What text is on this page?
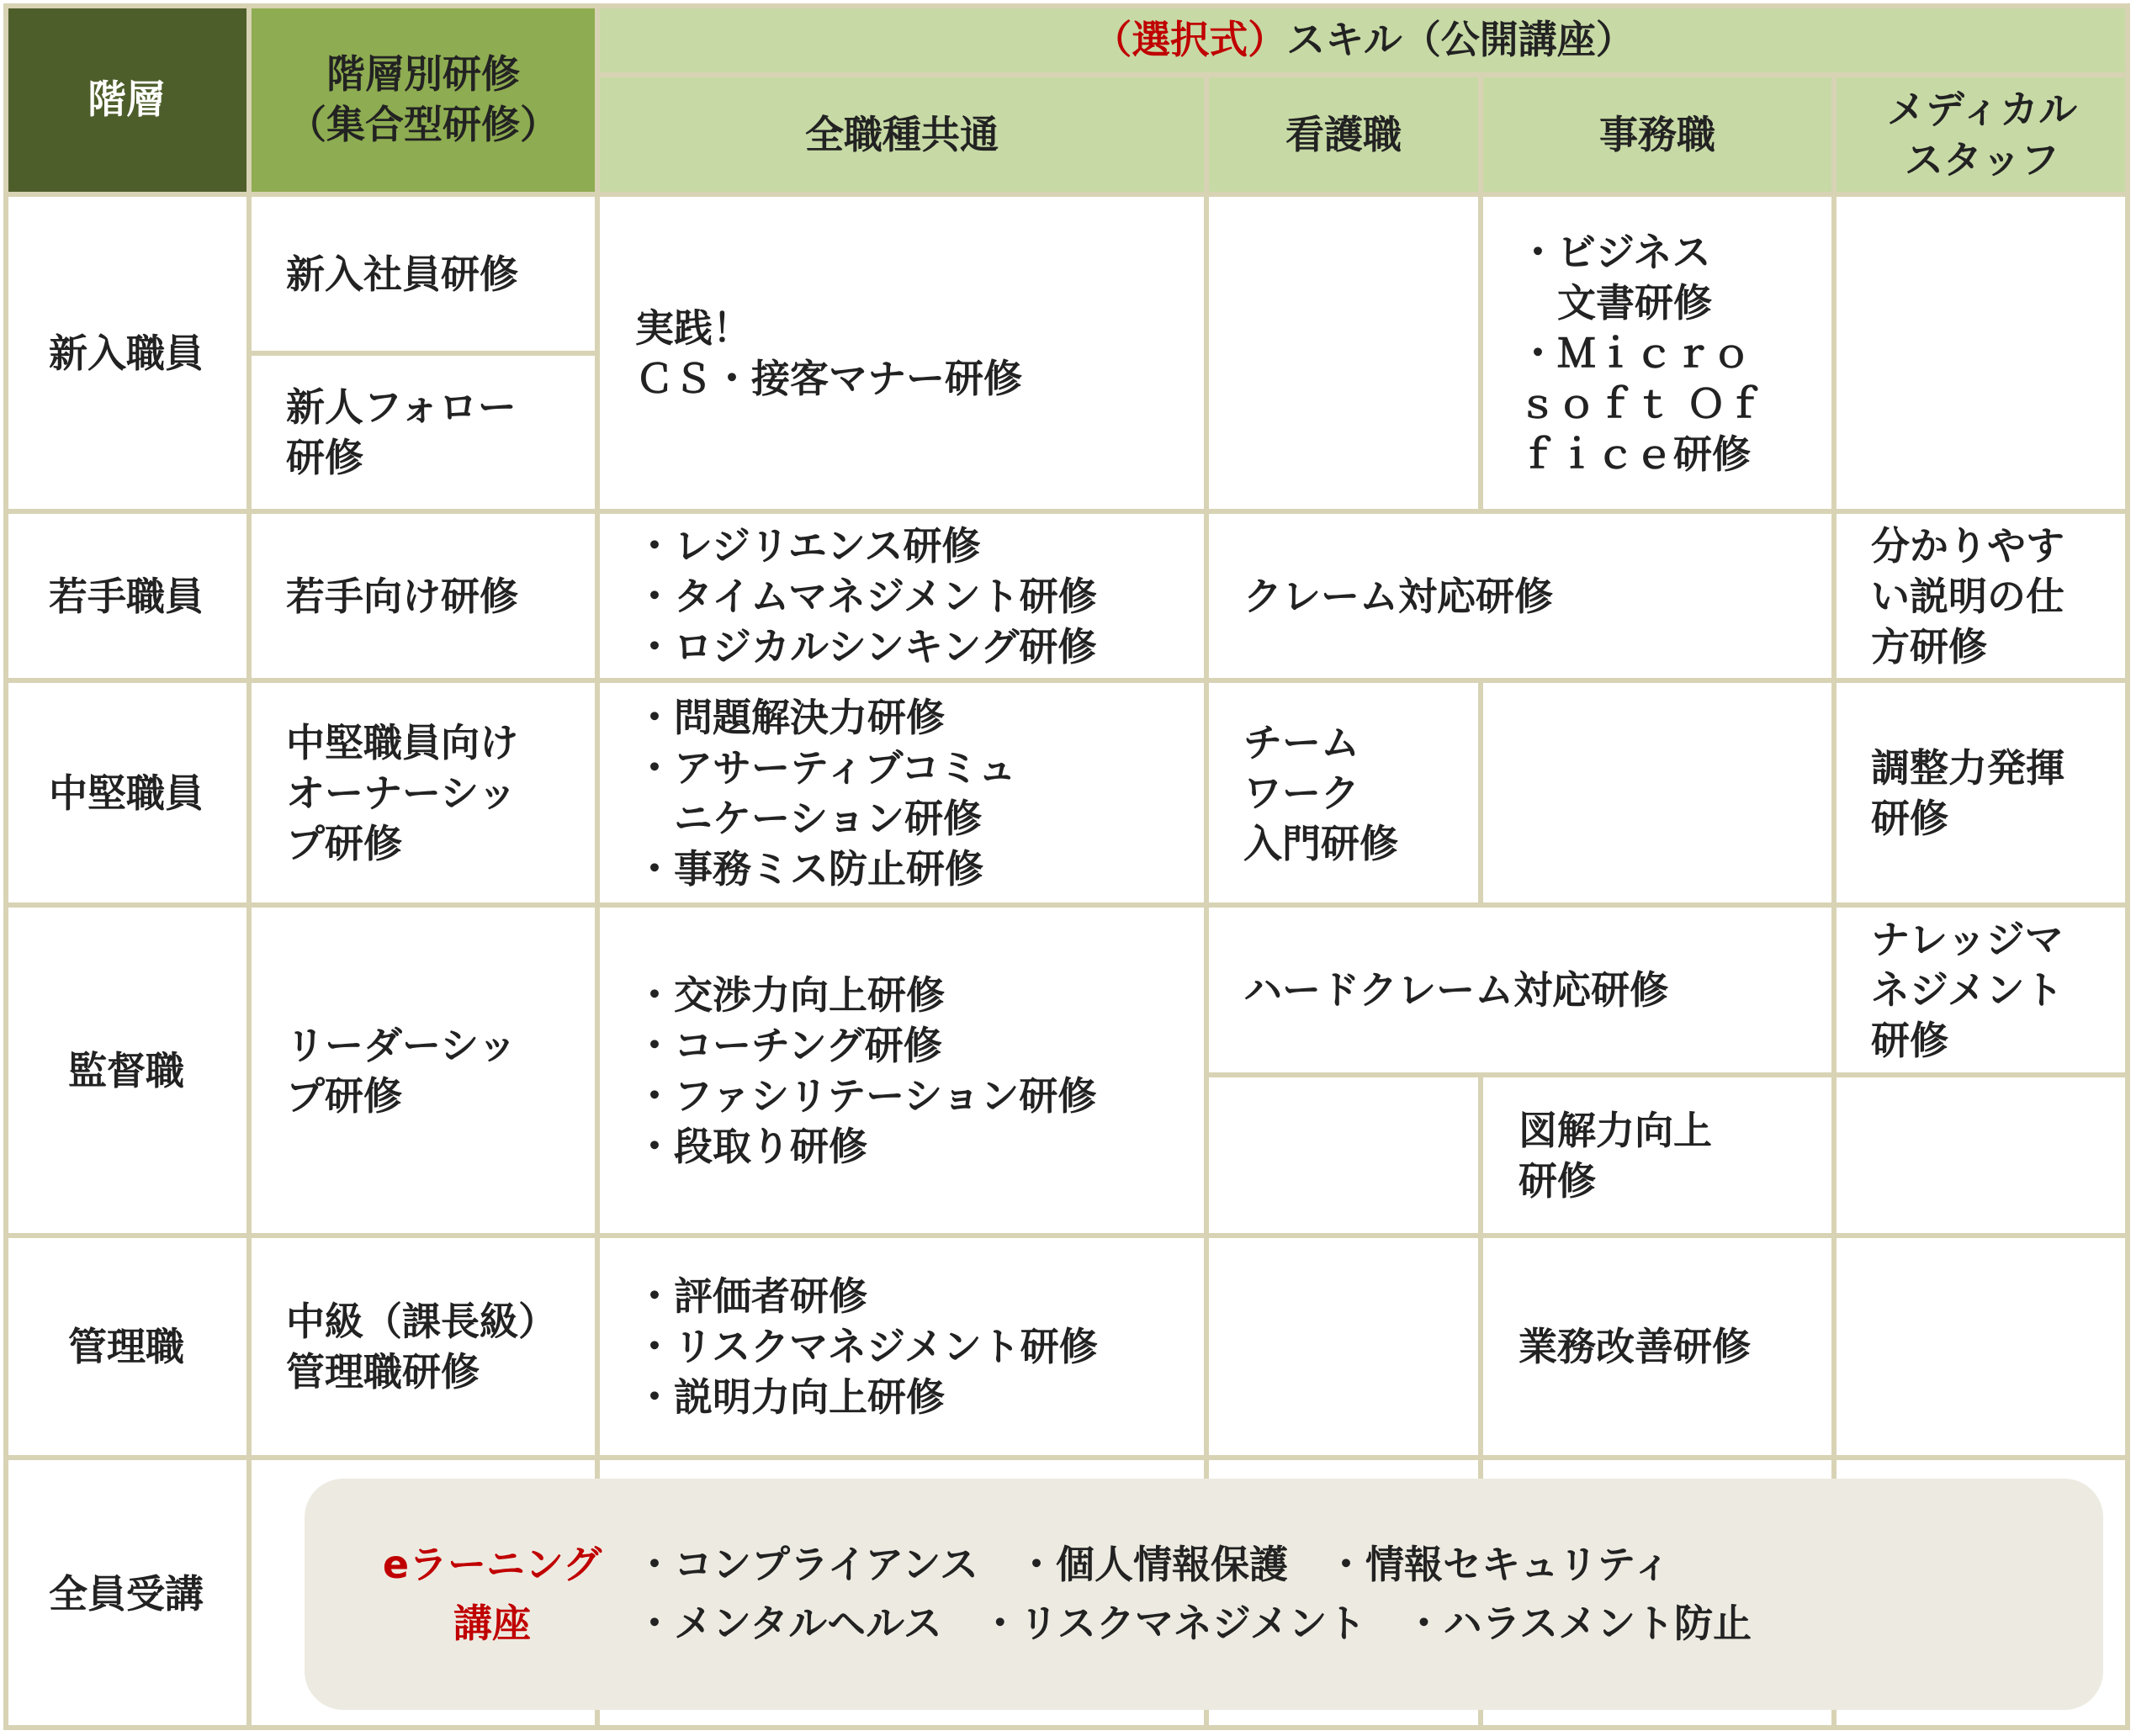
階層
階層別研修
（集合型研修）
（選択式）スキル（公開講座）
全職種共通	看護職	事務職
メディカル
スタッフ
新入職員
新入社員研修
新人フォロー
研修
実践！
ＣＳ・接客マナー研修
・ビジネス
　文書研修
・Ｍｉｃｒｏ
ｓｏｆｔ Ｏｆ
ｆｉｃｅ研修
若手職員 若手向け研修
・レジリエンス研修
・タイムマネジメント研修
・ロジカルシンキング研修
クレーム対応研修
分かりやす
い説明の仕
方研修
中堅職員
中堅職員向け
オーナーシッ
プ研修
・問題解決力研修
・アサーティブコミュ
　ニケーション研修
・事務ミス防止研修
チーム
ワーク
入門研修
調整力発揮
研修
監督職
リーダーシッ
プ研修
・交渉力向上研修
・コーチング研修
・ファシリテーション研修
・段取り研修
ハードクレーム対応研修
ナレッジマ
ネジメント
研修
図解力向上
研修
管理職
中級（課長級）
管理職研修
・評価者研修
・リスクマネジメント研修
・説明力向上研修
業務改善研修
全員受講
eラーニング
講座
・コンプライアンス　・個人情報保護　・情報セキュリティ
・メンタルヘルス　・リスクマネジメント　・ハラスメント防止
